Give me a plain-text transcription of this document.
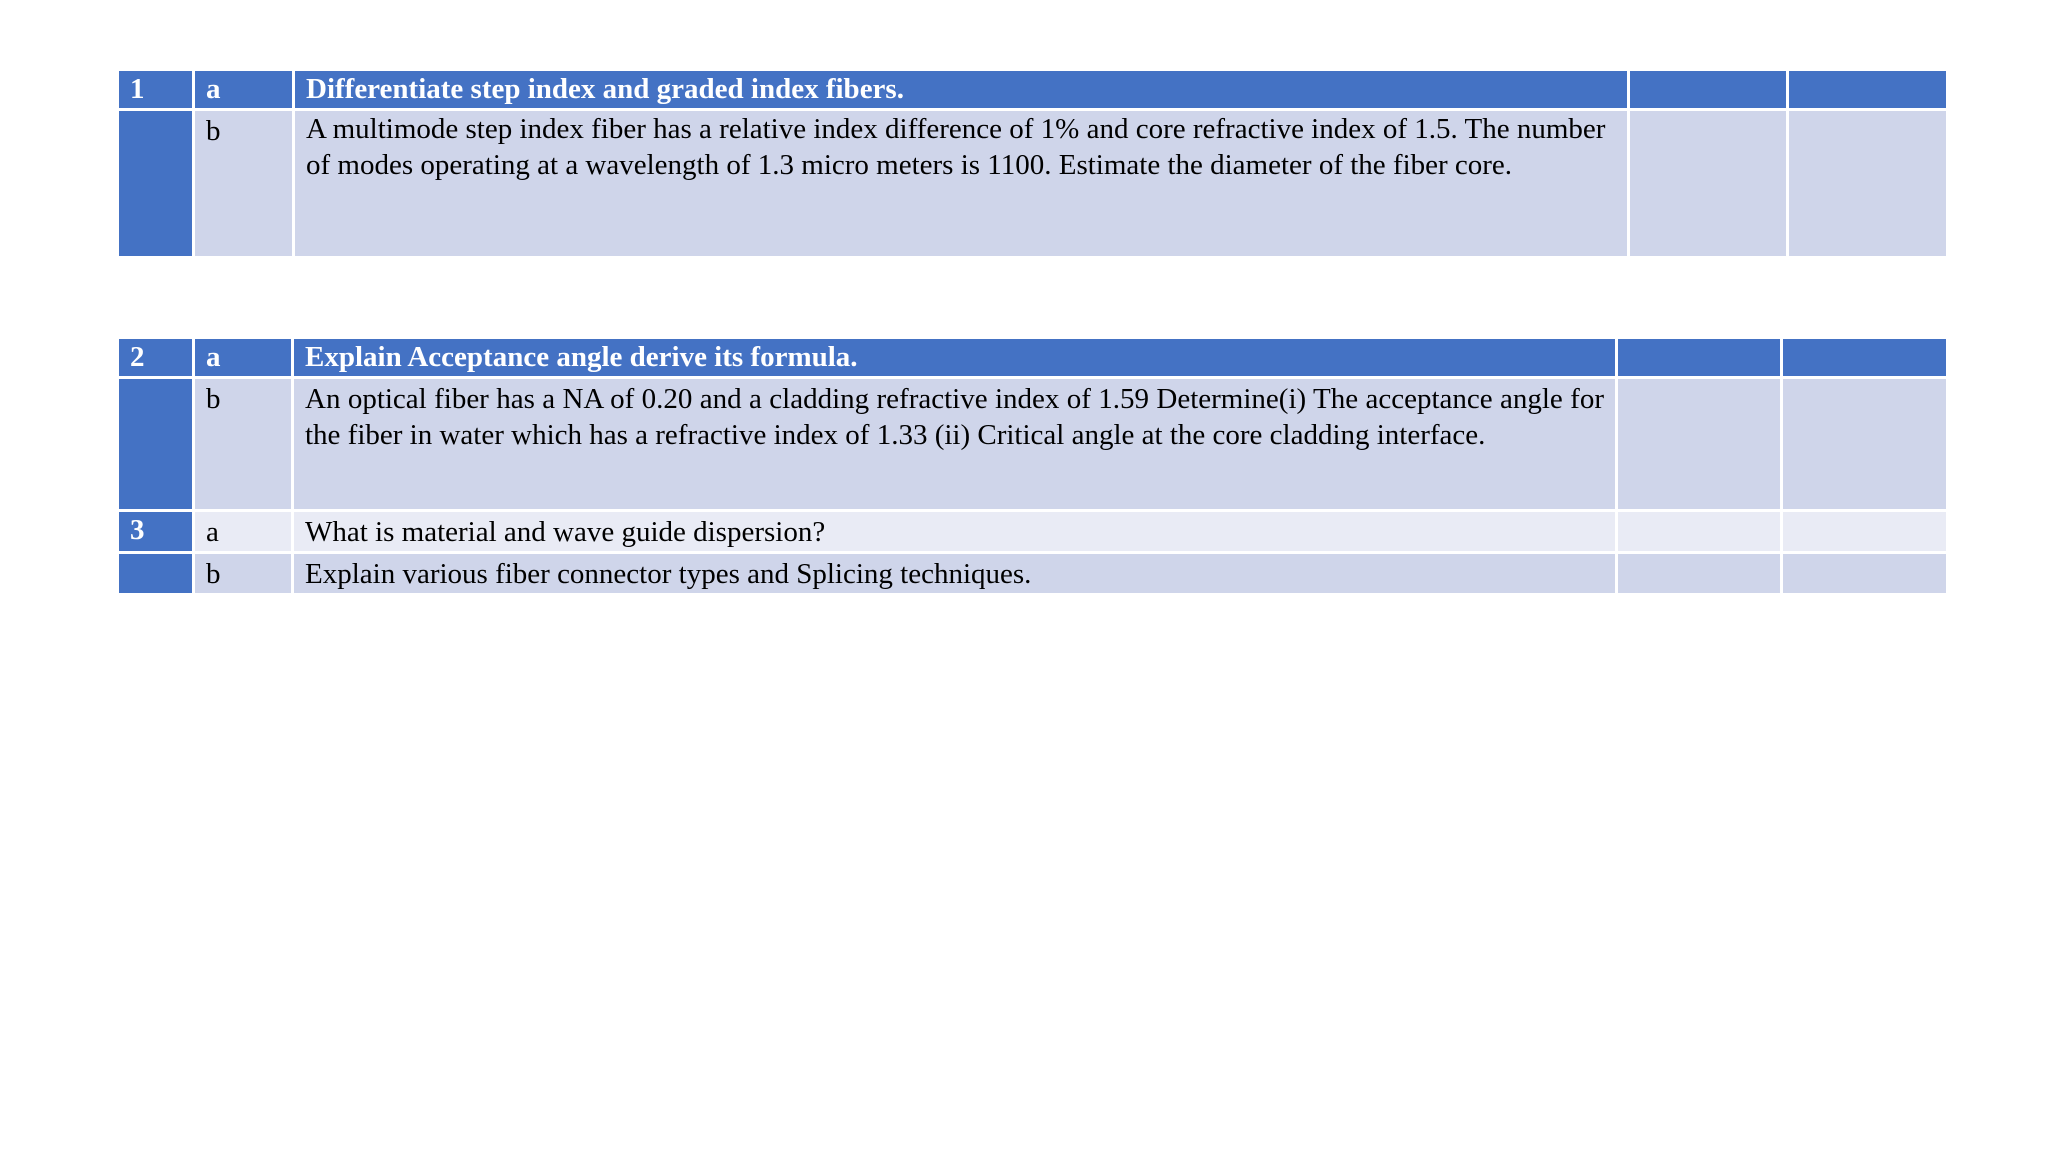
1	a	Differentiate step index and graded index fibers.		
	b	A multimode step index fiber has a relative index difference of 1% and core refractive index of 1.5. The number of modes operating at a wavelength of 1.3 micro meters is 1100. Estimate the diameter of the fiber core.		
2	a	Explain Acceptance angle derive its formula.		
	b	An optical fiber has a NA of 0.20 and a cladding refractive index of 1.59 Determine(i) The acceptance angle for the fiber in water which has a refractive index of 1.33 (ii) Critical angle at the core cladding interface.		
3	a	What is material and wave guide dispersion?		
	b	Explain various fiber connector types and Splicing techniques.		
